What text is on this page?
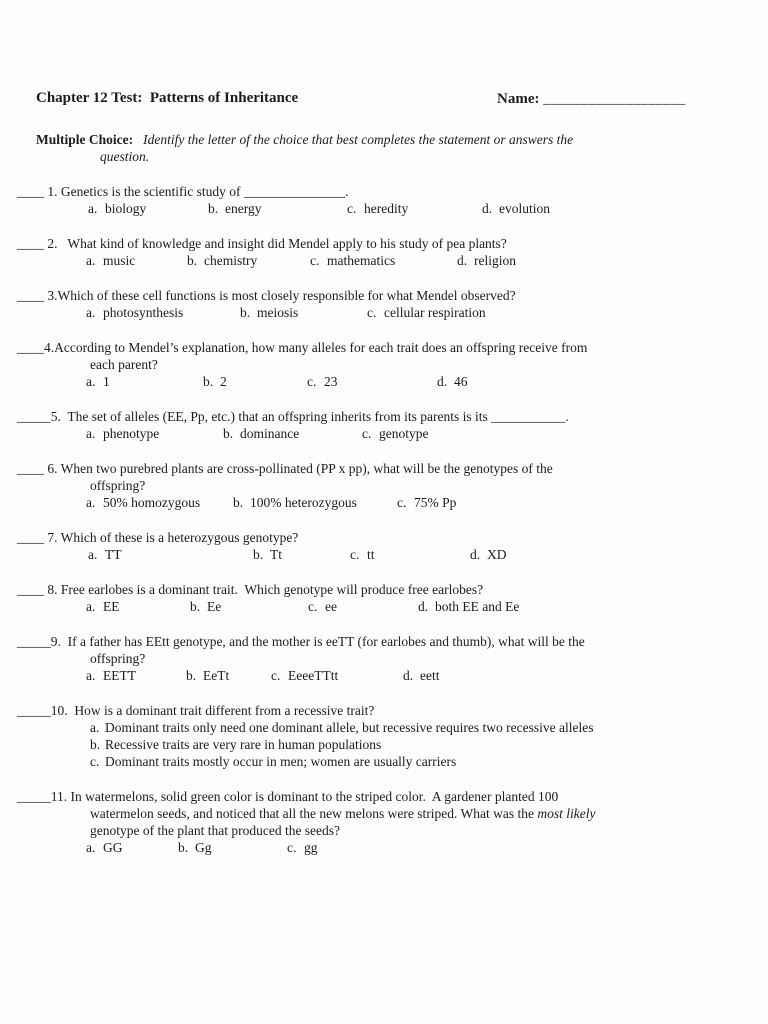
Chapter 12 Test:  Patterns of Inheritance	Name: ___________________
Multiple Choice: Identify the letter of the choice that best completes the statement or answers the
question.
____ 1. Genetics is the scientific study of _______________.
a. biology	b. energy	c. heredity	d. evolution
____ 2.   What kind of knowledge and insight did Mendel apply to his study of pea plants?
a. music	b. chemistry	c. mathematics	d. religion
____ 3.Which of these cell functions is most closely responsible for what Mendel observed?
a. photosynthesis	b. meiosis	c. cellular respiration
____4.According to Mendel’s explanation, how many alleles for each trait does an offspring receive from
each parent?
a. 1	b. 2	c. 23	d. 46
_____5.  The set of alleles (EE, Pp, etc.) that an offspring inherits from its parents is its ___________.
a. phenotype	b. dominance	c. genotype
____ 6. When two purebred plants are cross-pollinated (PP x pp), what will be the genotypes of the
offspring?
a. 50% homozygous b. 100% heterozygous	c. 75% Pp
____ 7. Which of these is a heterozygous genotype?
a. TT	b. Tt	c. tt	d. XD
____ 8. Free earlobes is a dominant trait.  Which genotype will produce free earlobes?
a. EE	b. Ee	c. ee	d. both EE and Ee
_____9.  If a father has EEtt genotype, and the mother is eeTT (for earlobes and thumb), what will be the
offspring?
a. EETT	b. EeTt	c. EeeeTTtt	d. eett
_____10.  How is a dominant trait different from a recessive trait?
a. Dominant traits only need one dominant allele, but recessive requires two recessive alleles
b. Recessive traits are very rare in human populations
c. Dominant traits mostly occur in men; women are usually carriers
_____11. In watermelons, solid green color is dominant to the striped color.  A gardener planted 100
watermelon seeds, and noticed that all the new melons were striped. What was the most likely
genotype of the plant that produced the seeds?
a. GG	b. Gg	c. gg
